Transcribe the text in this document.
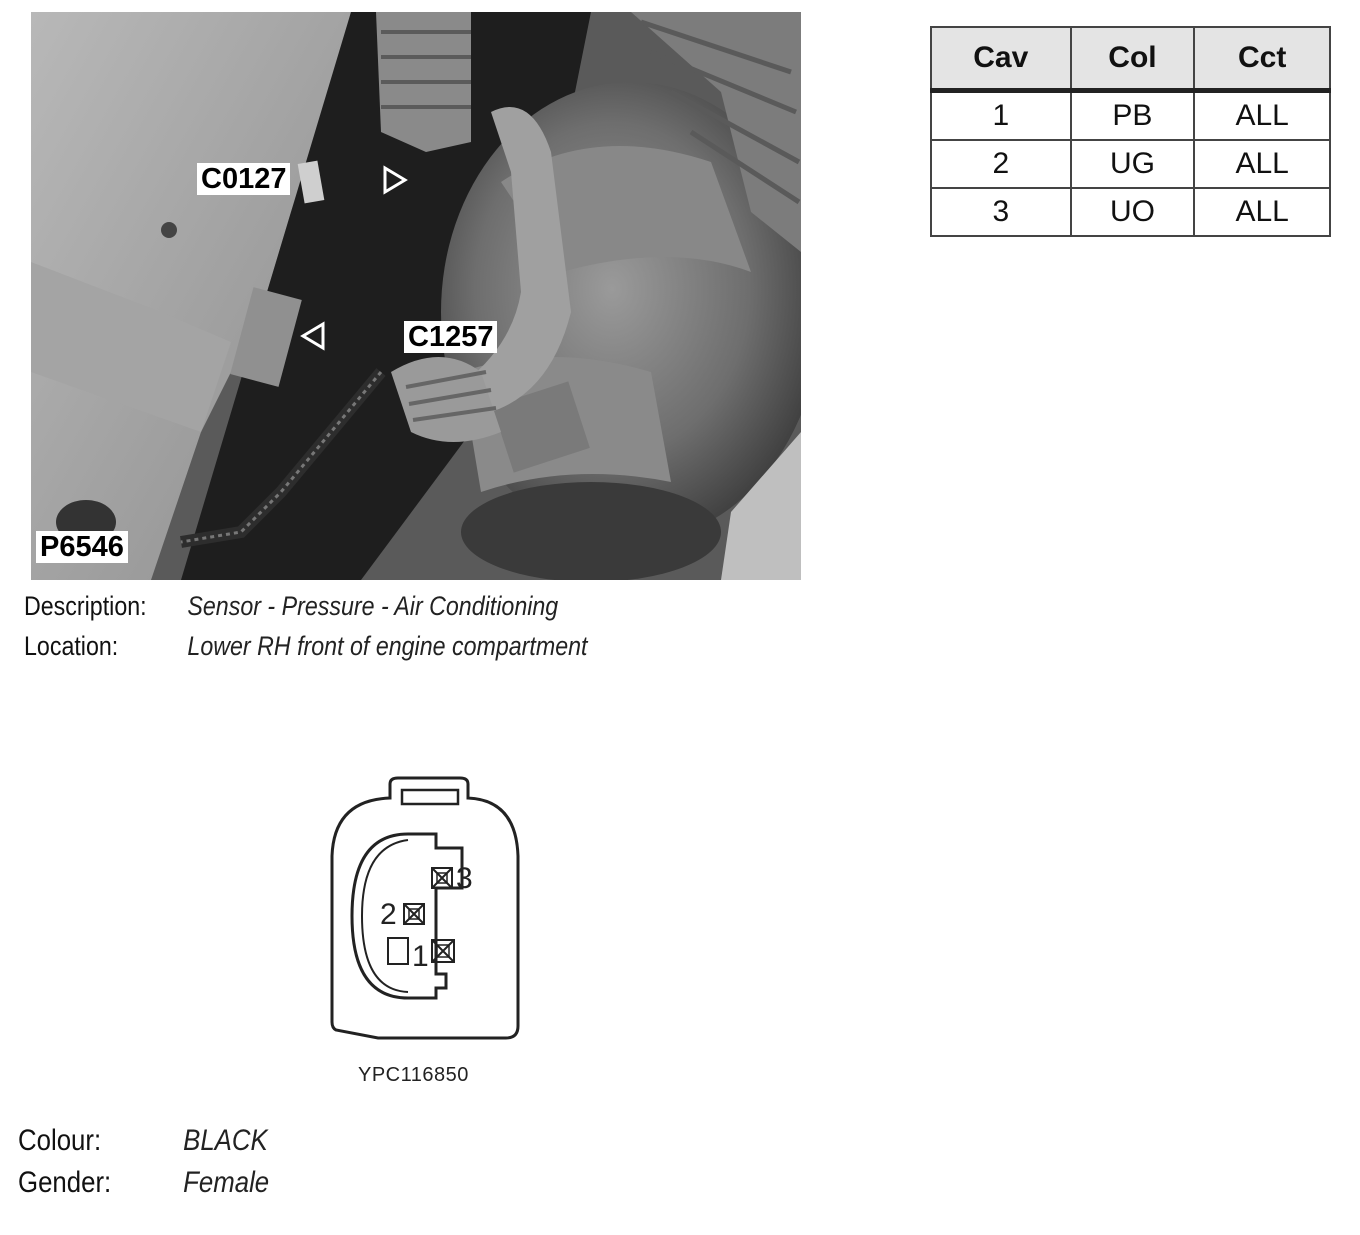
C0127
C1257
P6546
Description:	Sensor - Pressure - Air Conditioning
Location:	Lower RH front of engine compartment
Cav	Col	Cct
1	PB	ALL
2	UG	ALL
3	UO	ALL
3
2
1
YPC116850
Colour:	BLACK
Gender:	Female
